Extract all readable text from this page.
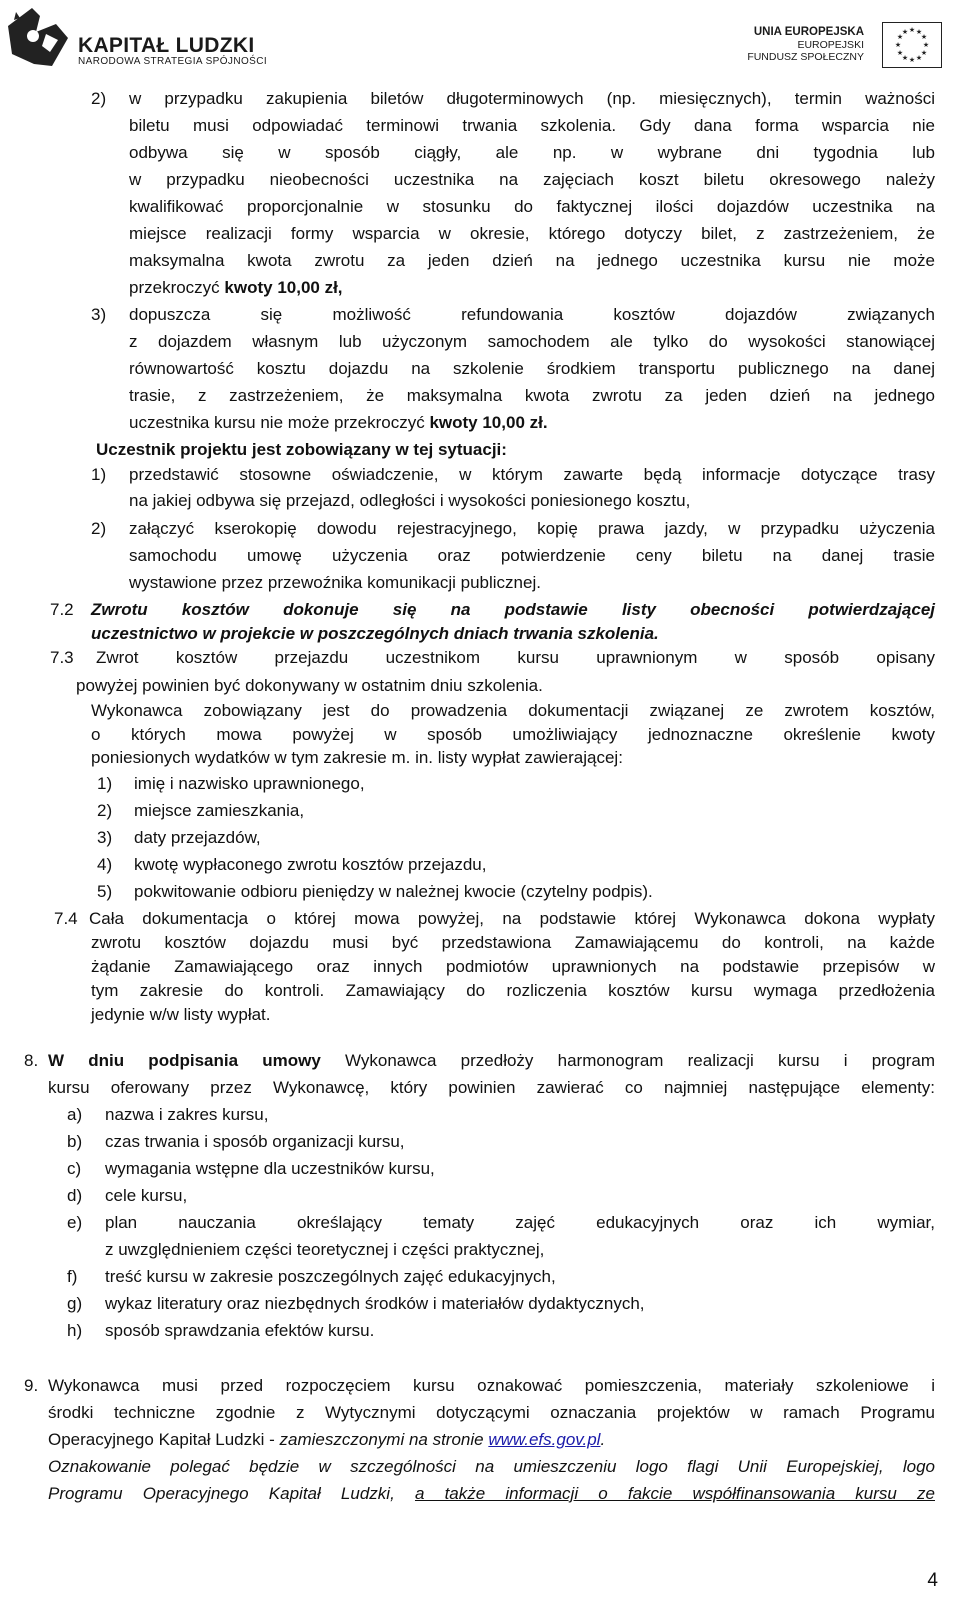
KAPITAŁ LUDZKI
NARODOWA STRATEGIA SPÓJNOŚCI
UNIA EUROPEJSKA
EUROPEJSKI
FUNDUSZ SPOŁECZNY
★ ★
★
★
★
★
★
★
★
★
★
★
2) w przypadku zakupienia biletów długoterminowych (np. miesięcznych), termin ważności
biletu musi odpowiadać terminowi trwania szkolenia. Gdy dana forma wsparcia nie
odbywa się w sposób ciągły, ale np. w wybrane dni tygodnia lub
w przypadku nieobecności uczestnika na zajęciach koszt biletu okresowego należy
kwalifikować proporcjonalnie w stosunku do faktycznej ilości dojazdów uczestnika na
miejsce realizacji formy wsparcia w okresie, którego dotyczy bilet, z zastrzeżeniem, że
maksymalna kwota zwrotu za jeden dzień na jednego uczestnika kursu nie może
przekroczyć kwoty 10,00 zł,
3) dopuszcza się możliwość refundowania kosztów dojazdów związanych
z dojazdem własnym lub użyczonym samochodem ale tylko do wysokości stanowiącej
równowartość kosztu dojazdu na szkolenie środkiem transportu publicznego na danej
trasie, z zastrzeżeniem, że maksymalna kwota zwrotu za jeden dzień na jednego
uczestnika kursu nie może przekroczyć kwoty 10,00 zł.
Uczestnik projektu jest zobowiązany w tej sytuacji:
1) przedstawić stosowne oświadczenie, w którym zawarte będą informacje dotyczące trasy
na jakiej odbywa się przejazd, odległości i wysokości poniesionego kosztu,
2) załączyć kserokopię dowodu rejestracyjnego, kopię prawa jazdy, w przypadku użyczenia
samochodu umowę użyczenia oraz potwierdzenie ceny biletu na danej trasie
wystawione przez przewoźnika komunikacji publicznej.
7.2 Zwrotu kosztów dokonuje się na podstawie listy obecności potwierdzającej
uczestnictwo w projekcie w poszczególnych dniach trwania szkolenia.
7.3 Zwrot kosztów przejazdu uczestnikom kursu uprawnionym w sposób opisany
powyżej powinien być dokonywany w ostatnim dniu szkolenia.
Wykonawca zobowiązany jest do prowadzenia dokumentacji związanej ze zwrotem kosztów,
o których mowa powyżej w sposób umożliwiający jednoznaczne określenie kwoty
poniesionych wydatków w tym zakresie m. in. listy wypłat zawierającej:
1) imię i nazwisko uprawnionego,
2) miejsce zamieszkania,
3) daty przejazdów,
4) kwotę wypłaconego zwrotu kosztów przejazdu,
5) pokwitowanie odbioru pieniędzy w należnej kwocie (czytelny podpis).
7.4 Cała dokumentacja o której mowa powyżej, na podstawie której Wykonawca dokona wypłaty
zwrotu kosztów dojazdu musi być przedstawiona Zamawiającemu do kontroli, na każde
żądanie Zamawiającego oraz innych podmiotów uprawnionych na podstawie przepisów w
tym zakresie do kontroli. Zamawiający do rozliczenia kosztów kursu wymaga przedłożenia
jedynie w/w listy wypłat.
8. W dniu podpisania umowy Wykonawca przedłoży harmonogram realizacji kursu i program
kursu oferowany przez Wykonawcę, który powinien zawierać co najmniej następujące elementy:
a) nazwa i zakres kursu,
b) czas trwania i sposób organizacji kursu,
c) wymagania wstępne dla uczestników kursu,
d) cele kursu,
e) plan nauczania określający tematy zajęć edukacyjnych oraz ich wymiar,
z uwzględnieniem części teoretycznej i części praktycznej,
f) treść kursu w zakresie poszczególnych zajęć edukacyjnych,
g) wykaz literatury oraz niezbędnych środków i materiałów dydaktycznych,
h) sposób sprawdzania efektów kursu.
9. Wykonawca musi przed rozpoczęciem kursu oznakować pomieszczenia, materiały szkoleniowe i
środki techniczne zgodnie z Wytycznymi dotyczącymi oznaczania projektów w ramach Programu
Operacyjnego Kapitał Ludzki - zamieszczonymi na stronie www.efs.gov.pl.
Oznakowanie polegać będzie w szczególności na umieszczeniu logo flagi Unii Europejskiej, logo
Programu Operacyjnego Kapitał Ludzki, a także informacji o fakcie współfinansowania kursu ze
4
